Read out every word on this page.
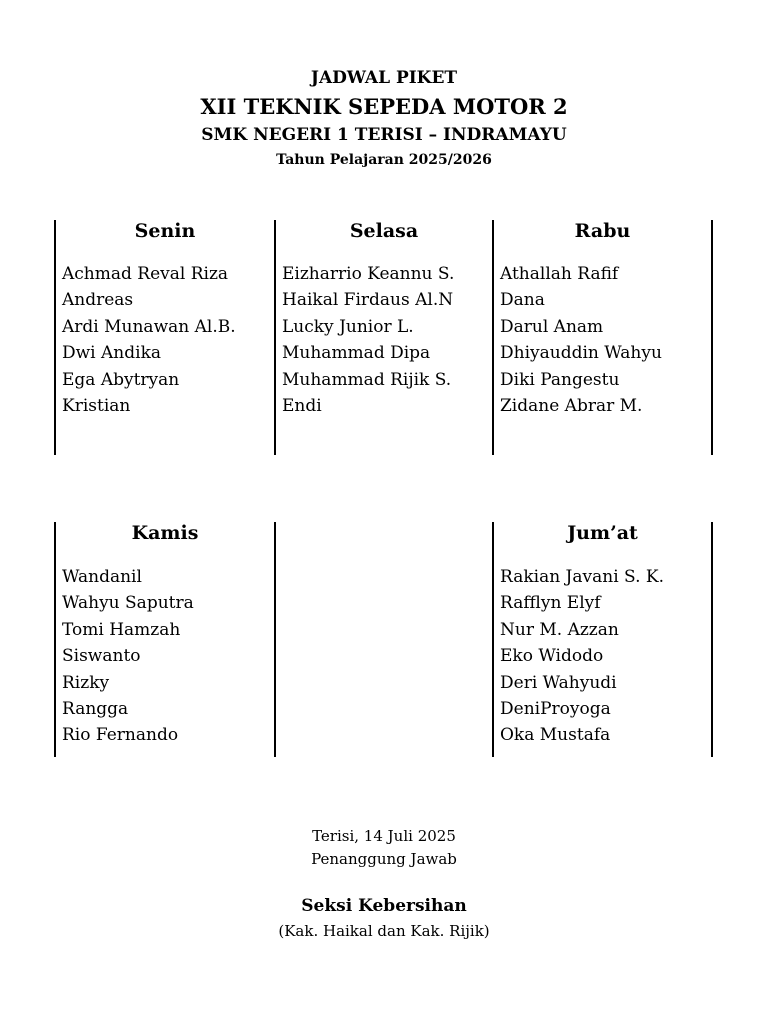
JADWAL PIKET
XII TEKNIK SEPEDA MOTOR 2
SMK NEGERI 1 TERISI – INDRAMAYU
Tahun Pelajaran 2025/2026
Senin
Achmad Reval Riza
Andreas
Ardi Munawan Al.B.
Dwi Andika
Ega Abytryan
Kristian
Selasa
Eizharrio Keannu S.
Haikal Firdaus Al.N
Lucky Junior L.
Muhammad Dipa
Muhammad Rijik S.
Endi
Rabu
Athallah Rafif
Dana
Darul Anam
Dhiyauddin Wahyu
Diki Pangestu
Zidane Abrar M.
Kamis
Wandanil
Wahyu Saputra
Tomi Hamzah
Siswanto
Rizky
Rangga
Rio Fernando
Jum’at
Rakian Javani S. K.
Rafflyn Elyf
Nur M. Azzan
Eko Widodo
Deri Wahyudi
DeniProyoga
Oka Mustafa
Terisi, 14 Juli 2025
Penanggung Jawab
Seksi Kebersihan
(Kak. Haikal dan Kak. Rijik)
